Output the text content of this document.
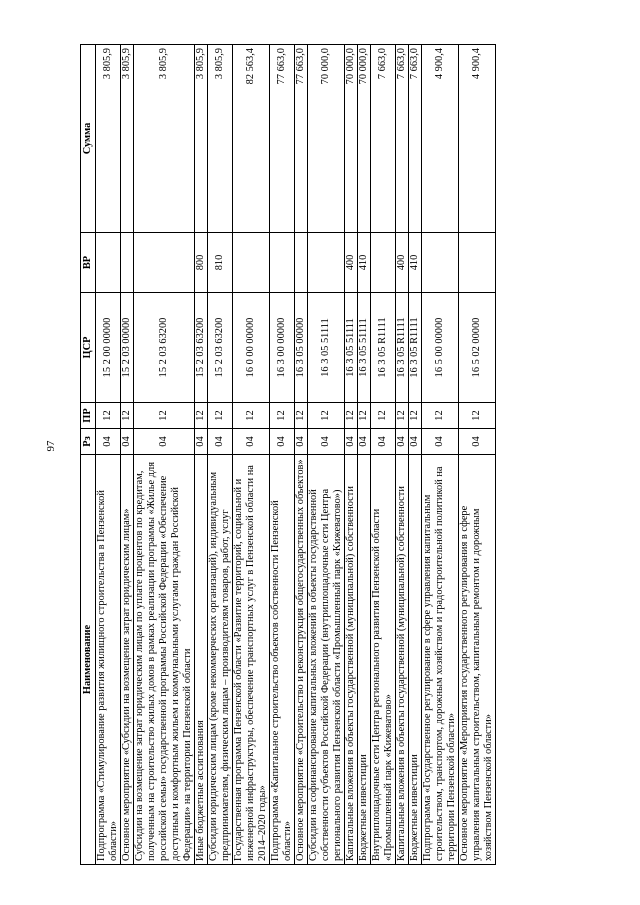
97
Наименование	Рз	ПР	ЦСР	ВР	Сумма
Подпрограмма «Стимулирование развития жилищного строительства в Пензенской области»	04	12	15 2 00 00000		3 805,9
Основное мероприятие «Субсидии на возмещение затрат юридическим лицам»	04	12	15 2 03 00000		3 805,9
Субсидии на возмещение затрат юридическим лицам по уплате процентов по кредитам, полученным на строительство жилых домов в рамках реализации программы «Жилье для российской семьи» государственной программы Российской Федерации «Обеспечение доступным и комфортным жильем и коммунальными услугами граждан Российской Федерации» на территории Пензенской области	04	12	15 2 03 63200		3 805,9
Иные бюджетные ассигнования	04	12	15 2 03 63200	800	3 805,9
Субсидии юридическим лицам (кроме некоммерческих организаций), индивидуальным предпринимателям, физическим лицам – производителям товаров, работ, услуг	04	12	15 2 03 63200	810	3 805,9
Государственная программа Пензенской области «Развитие территорий, социальной и инженерной инфраструктуры, обеспечение транспортных услуг в Пензенской области на 2014–2020 годы»	04	12	16 0 00 00000		82 563,4
Подпрограмма «Капитальное строительство объектов собственности Пензенской области»	04	12	16 3 00 00000		77 663,0
Основное мероприятие «Строительство и реконструкция общегосударственных объектов»	04	12	16 3 05 00000		77 663,0
Субсидии на софинансирование капитальных вложений в объекты государственной собственности субъектов Российской Федерации (внутриплощадочные сети Центра регионального развития Пензенской области «Промышленный парк «Кижеватово»)	04	12	16 3 05 51111		70 000,0
Капитальные вложения в объекты государственной (муниципальной) собственности	04	12	16 3 05 51111	400	70 000,0
Бюджетные инвестиции	04	12	16 3 05 51111	410	70 000,0
Внутриплощадочные сети Центра регионального развития Пензенской области «Промышленный парк «Кижеватово»	04	12	16 3 05 R1111		7 663,0
Капитальные вложения в объекты государственной (муниципальной) собственности	04	12	16 3 05 R1111	400	7 663,0
Бюджетные инвестиции	04	12	16 3 05 R1111	410	7 663,0
Подпрограмма «Государственное регулирование в сфере управления капитальным строительством, транспортом, дорожным хозяйством и градостроительной политикой на территории Пензенской области»	04	12	16 5 00 00000		4 900,4
Основное мероприятие «Мероприятия государственного регулирования в сфере управления капитальным строительством, капитальным ремонтом и дорожным хозяйством Пензенской области»	04	12	16 5 02 00000		4 900,4
